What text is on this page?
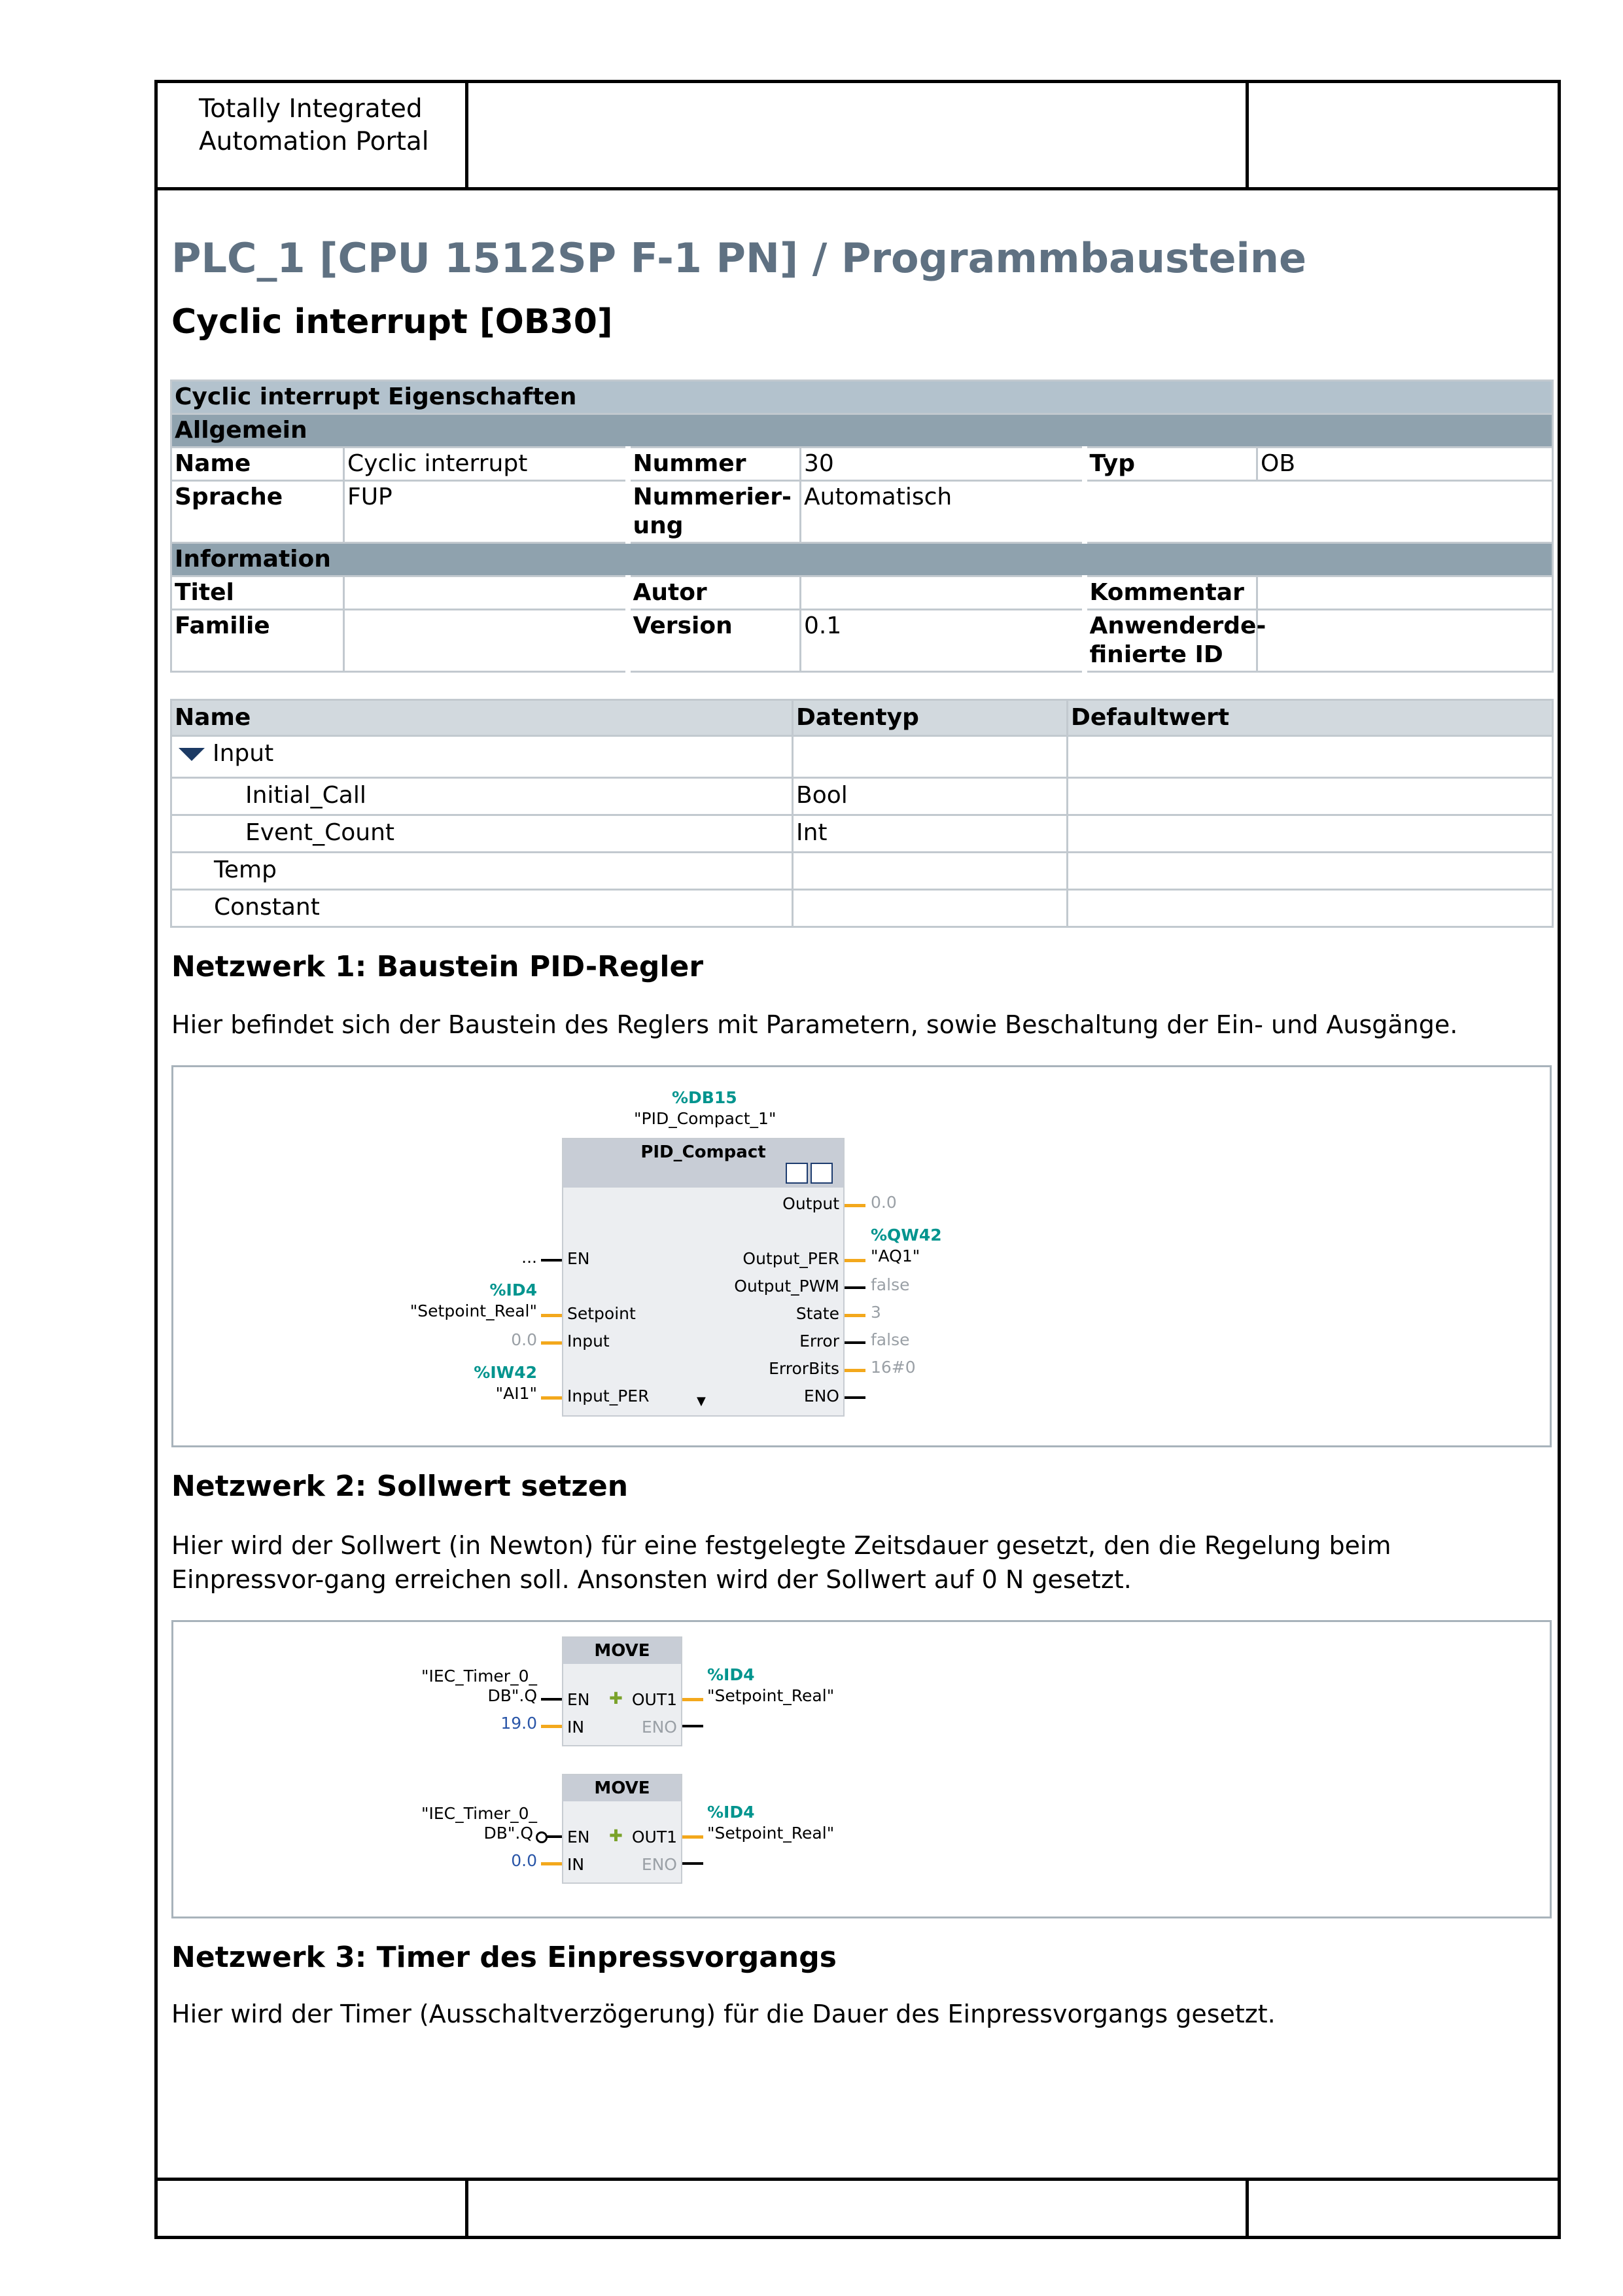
Totally Integrated
Automation Portal
PLC_1 [CPU 1512SP F-1 PN] / Programmbausteine
Cyclic interrupt [OB30]
Cyclic interrupt Eigenschaften					
Allgemein					
Name	Cyclic interrupt	Nummer	30	Typ	OB
Sprache	FUP	Nummerier-
ung	Automatisch		
Information					
Titel		Autor		Kommentar	
Familie		Version	0.1	Anwenderde-
finierte ID	

Name	Datentyp	Defaultwert
Input		
Initial_Call	Bool	
Event_Count	Int	
Temp		
Constant		
Netzwerk 1: Baustein PID-Regler
Hier befindet sich der Baustein des Reglers mit Parametern, sowie Beschaltung der Ein- und Ausgänge.
%DB15
"PID_Compact_1"
PID_Compact
EN
Setpoint
Input
Input_PER	▼
Output
Output_PER
Output_PWM
State
Error
ErrorBits
ENO
...
%ID4
"Setpoint_Real"
0.0
%IW42
"AI1"
0.0
%QW42
"AQ1"
false
3
false
16#0
Netzwerk 2: Sollwert setzen
Hier wird der Sollwert (in Newton) für eine festgelegte Zeitsdauer gesetzt, den die Regelung beim Einpressvor-gang erreichen soll. Ansonsten wird der Sollwert auf 0 N gesetzt.
MOVE
EN
IN
✚ OUT1
ENO
"IEC_Timer_0_
DB".Q
19.0
%ID4
"Setpoint_Real"
MOVE
EN
IN
✚ OUT1
ENO
"IEC_Timer_0_
DB".Q
0.0
%ID4
"Setpoint_Real"
Netzwerk 3: Timer des Einpressvorgangs
Hier wird der Timer (Ausschaltverzögerung) für die Dauer des Einpressvorgangs gesetzt.
